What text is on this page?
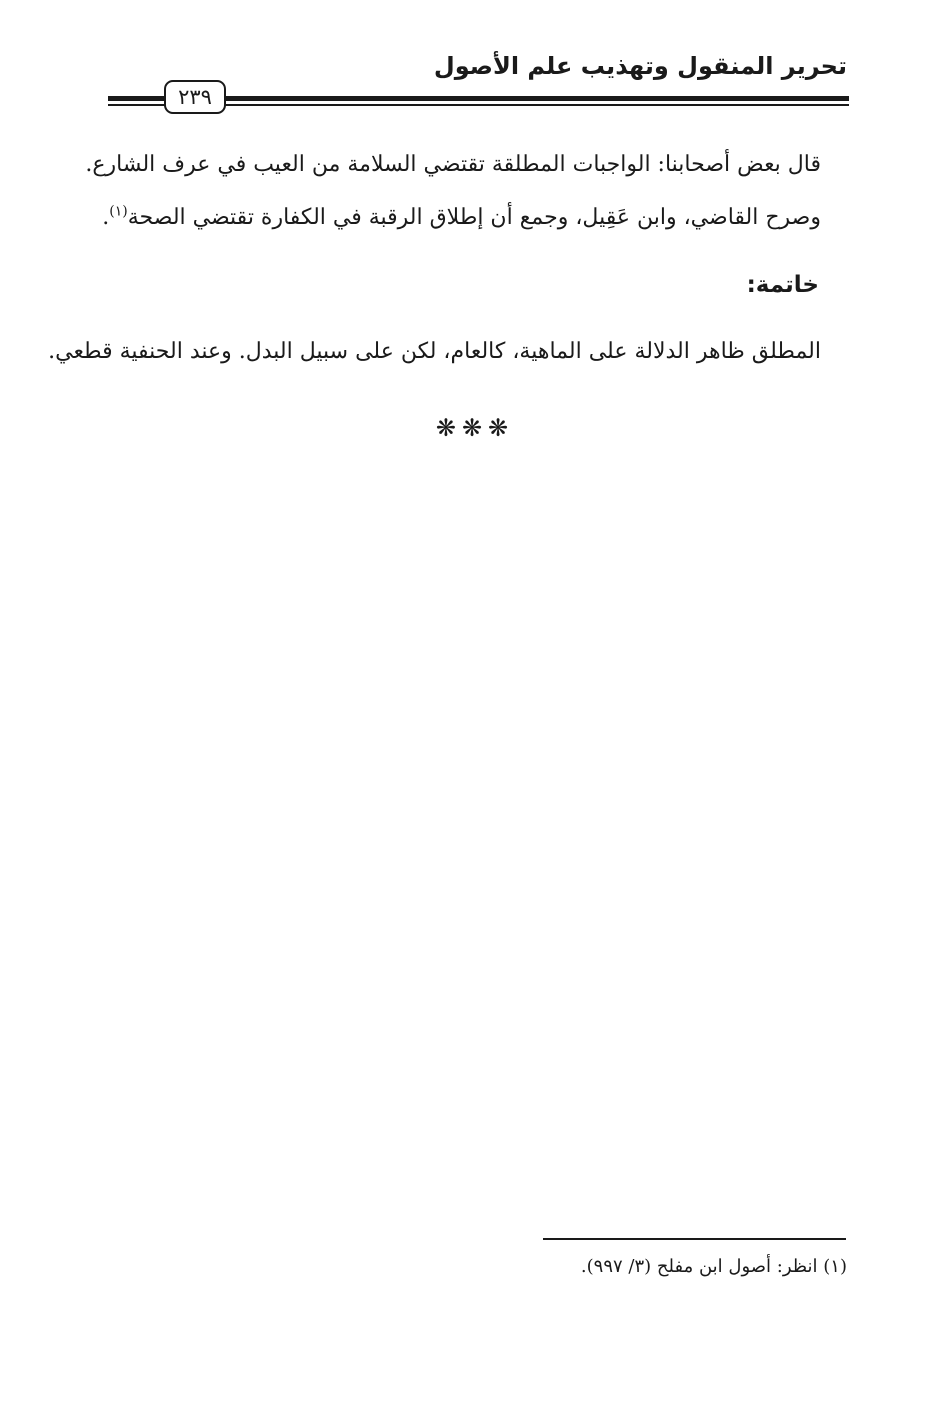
تحرير المنقول وتهذيب علم الأصول
٢٣٩
قال بعض أصحابنا: الواجبات المطلقة تقتضي السلامة من العيب في عرف الشارع.
وصرح القاضي، وابن عَقِيل، وجمع أن إطلاق الرقبة في الكفارة تقتضي الصحة$^{(١)}$.
خاتمة:
المطلق ظاهر الدلالة على الماهية، كالعام، لكن على سبيل البدل. وعند الحنفية قطعي.
❋❋❋
(١) انظر: أصول ابن مفلح (٣/ ٩٩٧).
